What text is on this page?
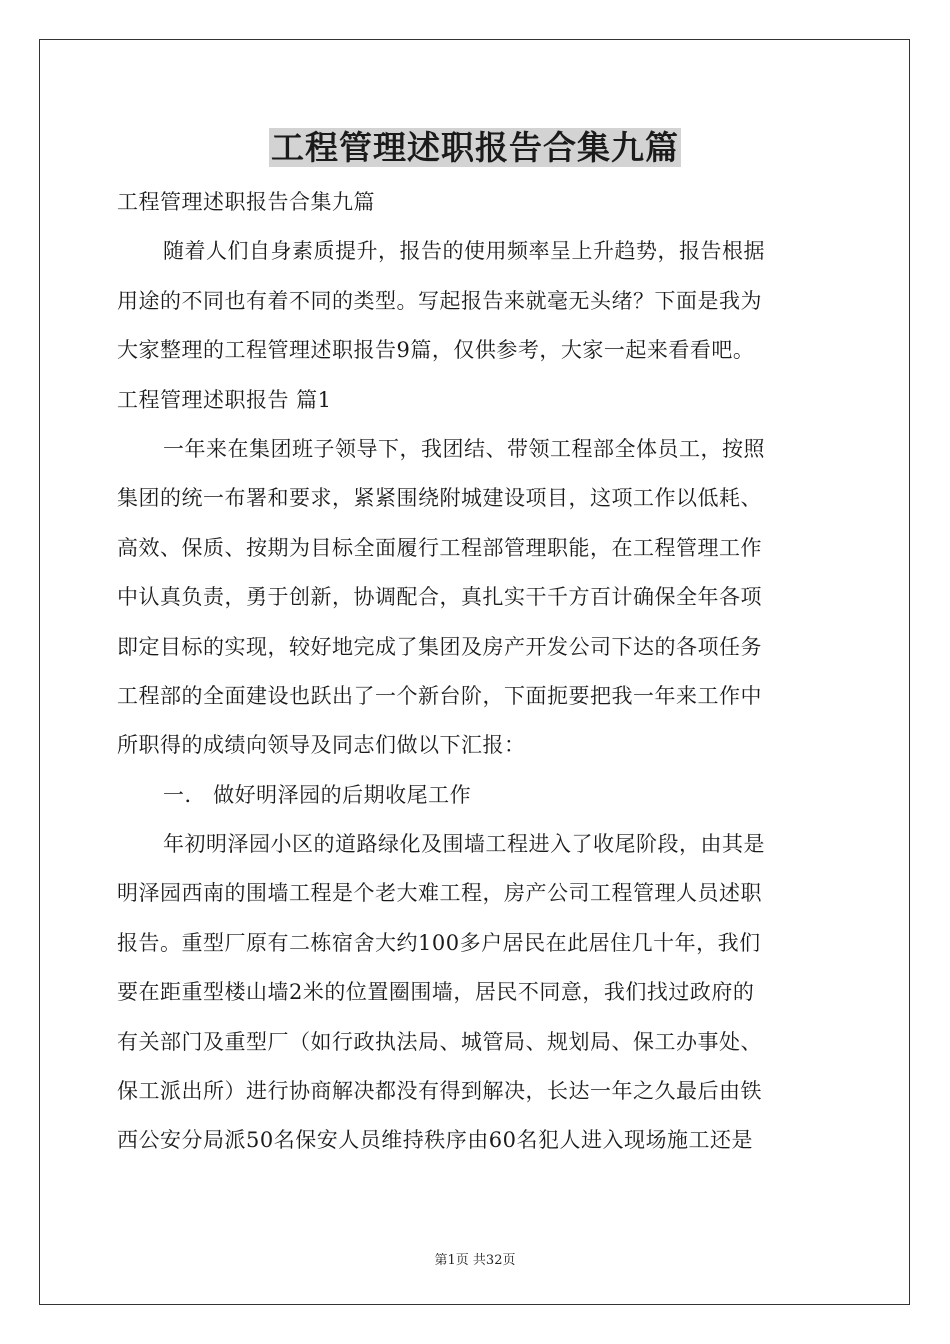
工程管理述职报告合集九篇
工程管理述职报告合集九篇
随着人们自身素质提升，报告的使用频率呈上升趋势，报告根据
用途的不同也有着不同的类型。写起报告来就毫无头绪？下面是我为
大家整理的工程管理述职报告9篇，仅供参考，大家一起来看看吧。
工程管理述职报告 篇1
一年来在集团班子领导下，我团结、带领工程部全体员工，按照
集团的统一布署和要求，紧紧围绕附城建设项目，这项工作以低耗、
高效、保质、按期为目标全面履行工程部管理职能，在工程管理工作
中认真负责，勇于创新，协调配合，真扎实干千方百计确保全年各项
即定目标的实现，较好地完成了集团及房产开发公司下达的各项任务
工程部的全面建设也跃出了一个新台阶，下面扼要把我一年来工作中
所职得的成绩向领导及同志们做以下汇报：
一． 做好明泽园的后期收尾工作
年初明泽园小区的道路绿化及围墙工程进入了收尾阶段，由其是
明泽园西南的围墙工程是个老大难工程，房产公司工程管理人员述职
报告。重型厂原有二栋宿舍大约100多户居民在此居住几十年，我们
要在距重型楼山墙2米的位置圈围墙，居民不同意，我们找过政府的
有关部门及重型厂（如行政执法局、城管局、规划局、保工办事处、
保工派出所）进行协商解决都没有得到解决，长达一年之久最后由铁
西公安分局派50名保安人员维持秩序由60名犯人进入现场施工还是
第1页 共32页
